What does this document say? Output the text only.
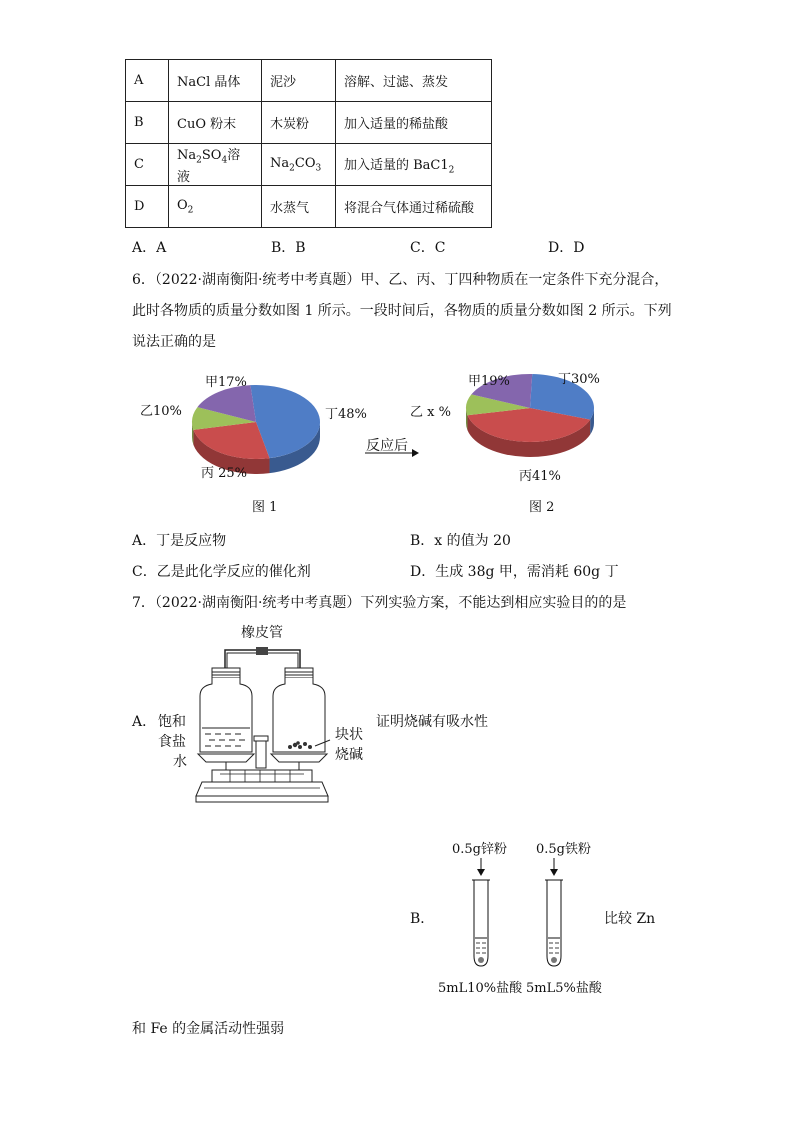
A	NaCl 晶体	泥沙	溶解、过滤、蒸发
B	CuO 粉末	木炭粉	加入适量的稀盐酸
C	$Na_2SO_4$溶液	$Na_2CO_3$	加入适量的 $BaC1_2$
D	$O_2$	水蒸气	将混合气体通过稀硫酸
A．A	B．B	C．C	D．D
6．（2022·湖南衡阳·统考中考真题）甲、乙、丙、丁四种物质在一定条件下充分混合，
此时各物质的质量分数如图 1 所示。一段时间后，各物质的质量分数如图 2 所示。下列
说法正确的是
甲17%
乙10%	丁48%
丙 25%
反应后
甲19%	丁30%
乙 x %
丙41%
图 1	图 2
A．丁是反应物	B．x 的值为 20
C．乙是此化学反应的催化剂	D．生成 38g 甲，需消耗 60g 丁
7．（2022·湖南衡阳·统考中考真题）下列实验方案，不能达到相应实验目的的是
橡皮管
A． 饱和
食盐
水
块状
烧碱
证明烧碱有吸水性
0.5g锌粉 0.5g铁粉
B．	比较 Zn
5mL10%盐酸 5mL5%盐酸
和 Fe 的金属活动性强弱
